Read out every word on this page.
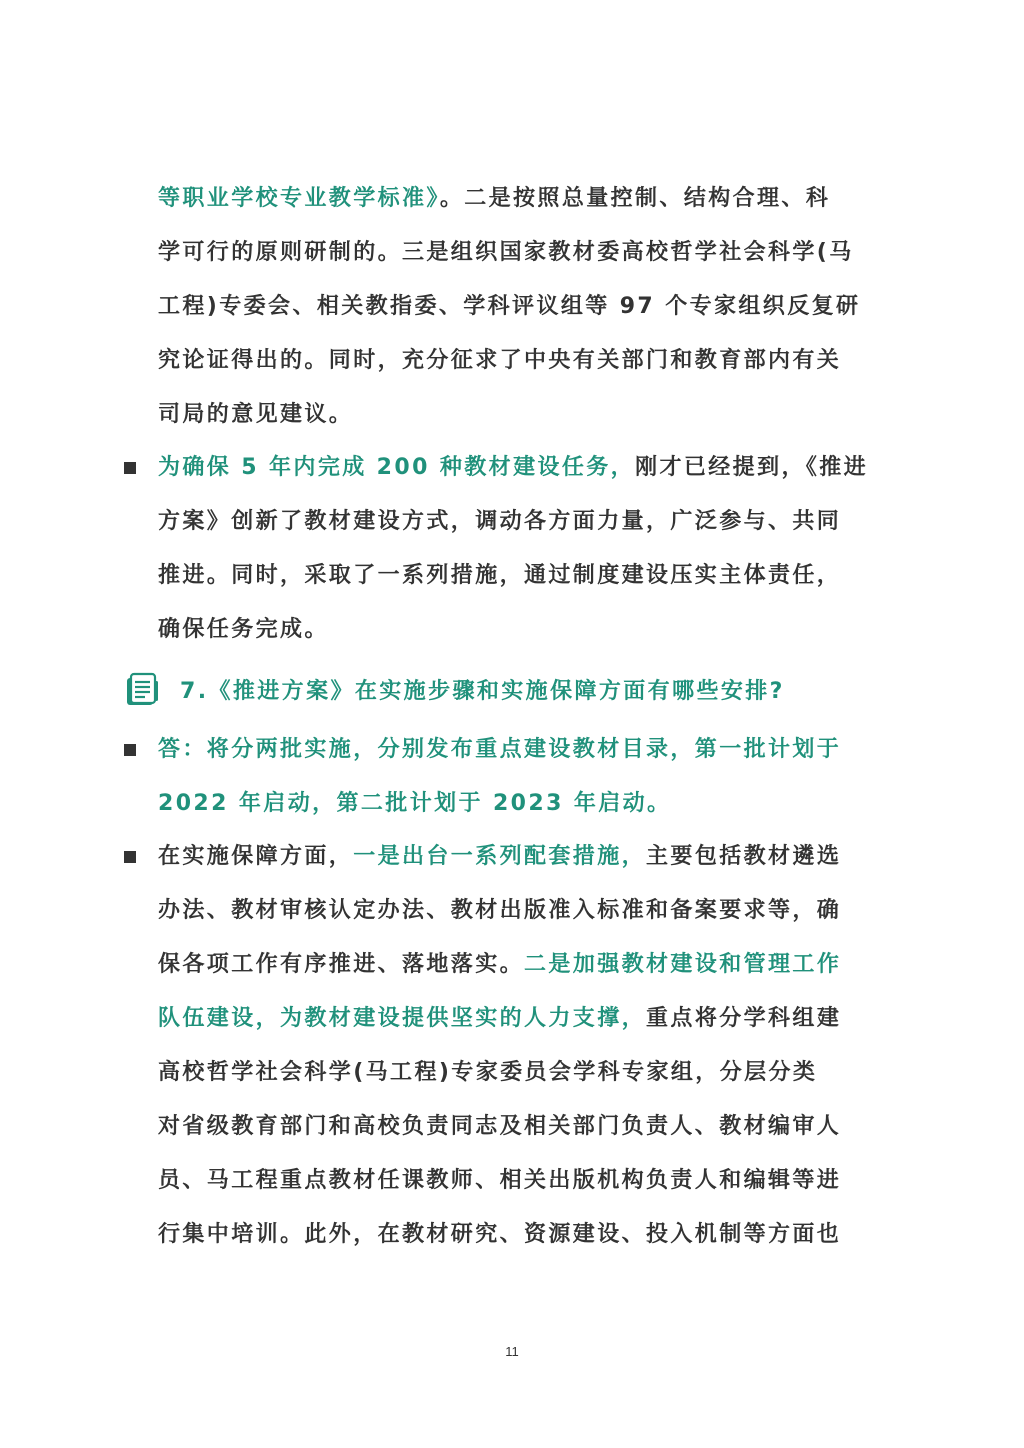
等职业学校专业教学标准》。二是按照总量控制、结构合理、科
学可行的原则研制的。三是组织国家教材委高校哲学社会科学(马
工程)专委会、相关教指委、学科评议组等 97 个专家组织反复研
究论证得出的。同时，充分征求了中央有关部门和教育部内有关
司局的意见建议。
为确保 5 年内完成 200 种教材建设任务，刚才已经提到，《推进
方案》创新了教材建设方式，调动各方面力量，广泛参与、共同
推进。同时，采取了一系列措施，通过制度建设压实主体责任，
确保任务完成。
7.《推进方案》在实施步骤和实施保障方面有哪些安排?
答：将分两批实施，分别发布重点建设教材目录，第一批计划于
2022 年启动，第二批计划于 2023 年启动。
在实施保障方面，一是出台一系列配套措施，主要包括教材遴选
办法、教材审核认定办法、教材出版准入标准和备案要求等，确
保各项工作有序推进、落地落实。二是加强教材建设和管理工作
队伍建设，为教材建设提供坚实的人力支撑，重点将分学科组建
高校哲学社会科学(马工程)专家委员会学科专家组，分层分类
对省级教育部门和高校负责同志及相关部门负责人、教材编审人
员、马工程重点教材任课教师、相关出版机构负责人和编辑等进
行集中培训。此外，在教材研究、资源建设、投入机制等方面也
11
